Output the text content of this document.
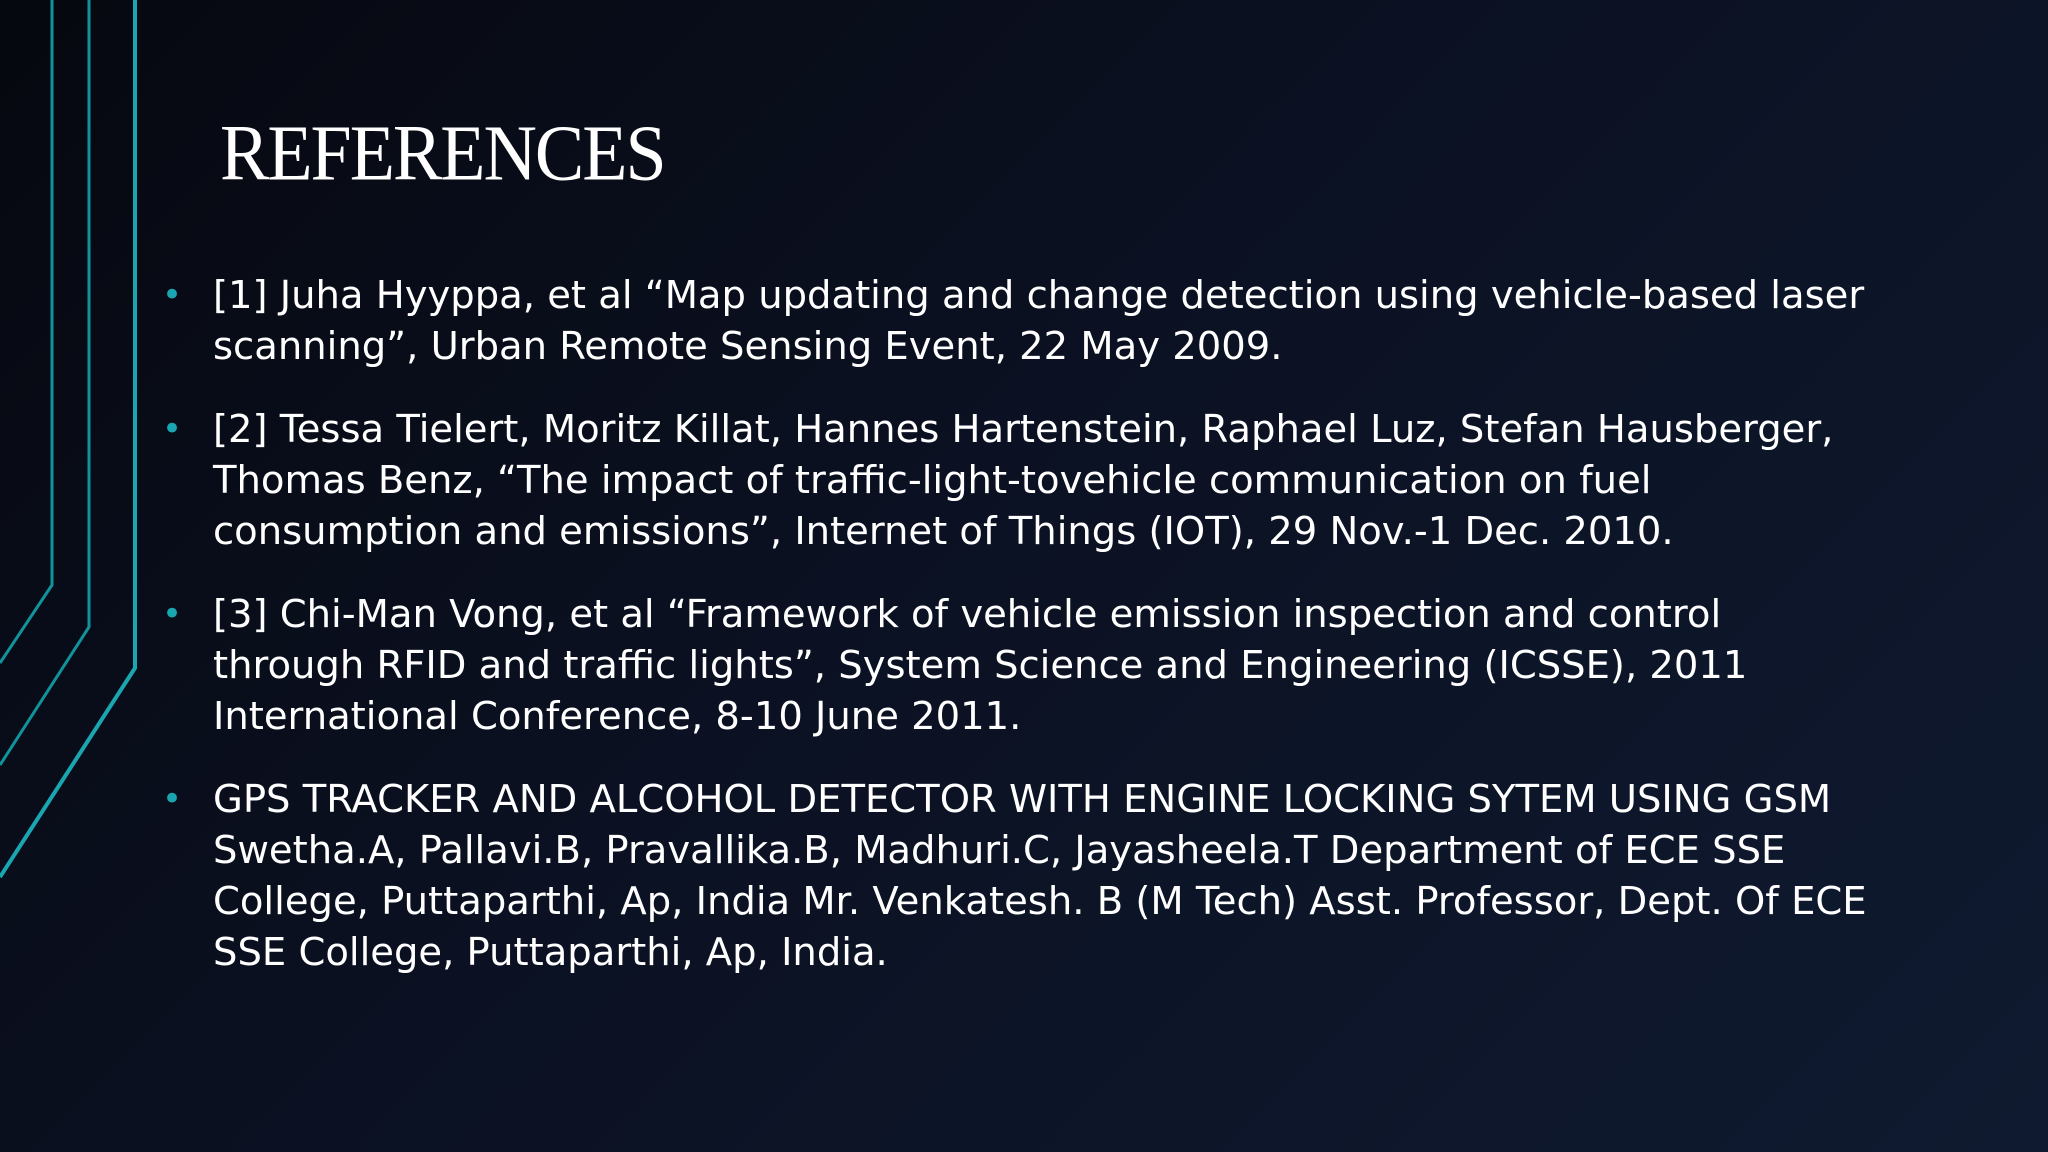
REFERENCES
• [1] Juha Hyyppa, et al “Map updating and change detection using vehicle-based laser scanning”, Urban Remote Sensing Event, 22 May 2009.
• [2] Tessa Tielert, Moritz Killat, Hannes Hartenstein, Raphael Luz, Stefan Hausberger, Thomas Benz, “The impact of traffic-light-tovehicle communication on fuel consumption and emissions”, Internet of Things (IOT), 29 Nov.-1 Dec. 2010.
• [3] Chi-Man Vong, et al “Framework of vehicle emission inspection and control through RFID and traffic lights”, System Science and Engineering (ICSSE), 2011 International Conference, 8-10 June 2011.
• GPS TRACKER AND ALCOHOL DETECTOR WITH ENGINE LOCKING SYTEM USING GSM Swetha.A, Pallavi.B, Pravallika.B, Madhuri.C, Jayasheela.T Department of ECE SSE College, Puttaparthi, Ap, India Mr. Venkatesh. B (M Tech) Asst. Professor, Dept. Of ECE SSE College, Puttaparthi, Ap, India.
